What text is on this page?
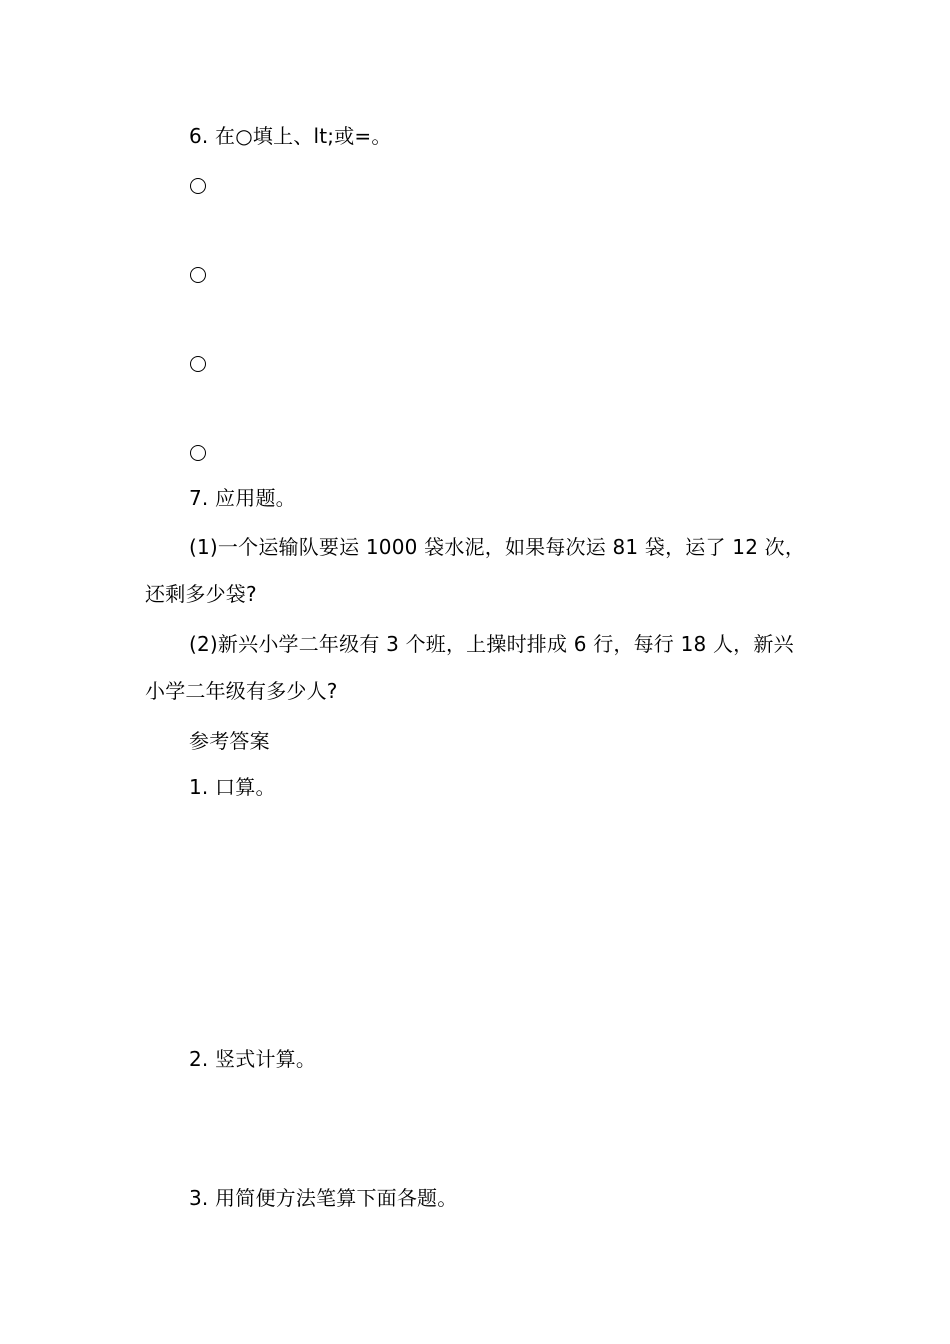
6. 在○填上、lt;或=。
7. 应用题。
(1)一个运输队要运 1000 袋水泥，如果每次运 81 袋，运了 12 次，
还剩多少袋?
(2)新兴小学二年级有 3 个班，上操时排成 6 行，每行 18 人，新兴
小学二年级有多少人?
参考答案
1. 口算。
2. 竖式计算。
3. 用简便方法笔算下面各题。
